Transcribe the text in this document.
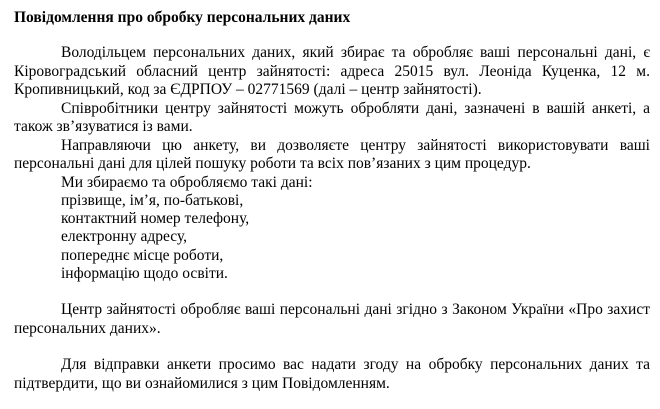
Повідомлення про обробку персональних даних

Володільцем персональних даних, який збирає та обробляє ваші персональні дані, є Кіровоградський обласний центр зайнятості: адреса 25015 вул. Леоніда Куценка, 12 м. Кропивницький, код за ЄДРПОУ – 02771569 (далі – центр зайнятості).

Співробітники центру зайнятості можуть обробляти дані, зазначені в вашій анкеті, а також зв’язуватися із вами.

Направляючи цю анкету, ви дозволяєте центру зайнятості використовувати ваші персональні дані для цілей пошуку роботи та всіх пов’язаних з цим процедур.

Ми збираємо та обробляємо такі дані:

прізвище, ім’я, по-батькові,
контактний номер телефону,
електронну адресу,
попереднє місце роботи,
інформацію щодо освіти.

Центр зайнятості обробляє ваші персональні дані згідно з Законом України «Про захист персональних даних».

Для відправки анкети просимо вас надати згоду на обробку персональних даних та підтвердити, що ви ознайомилися з цим Повідомленням.
